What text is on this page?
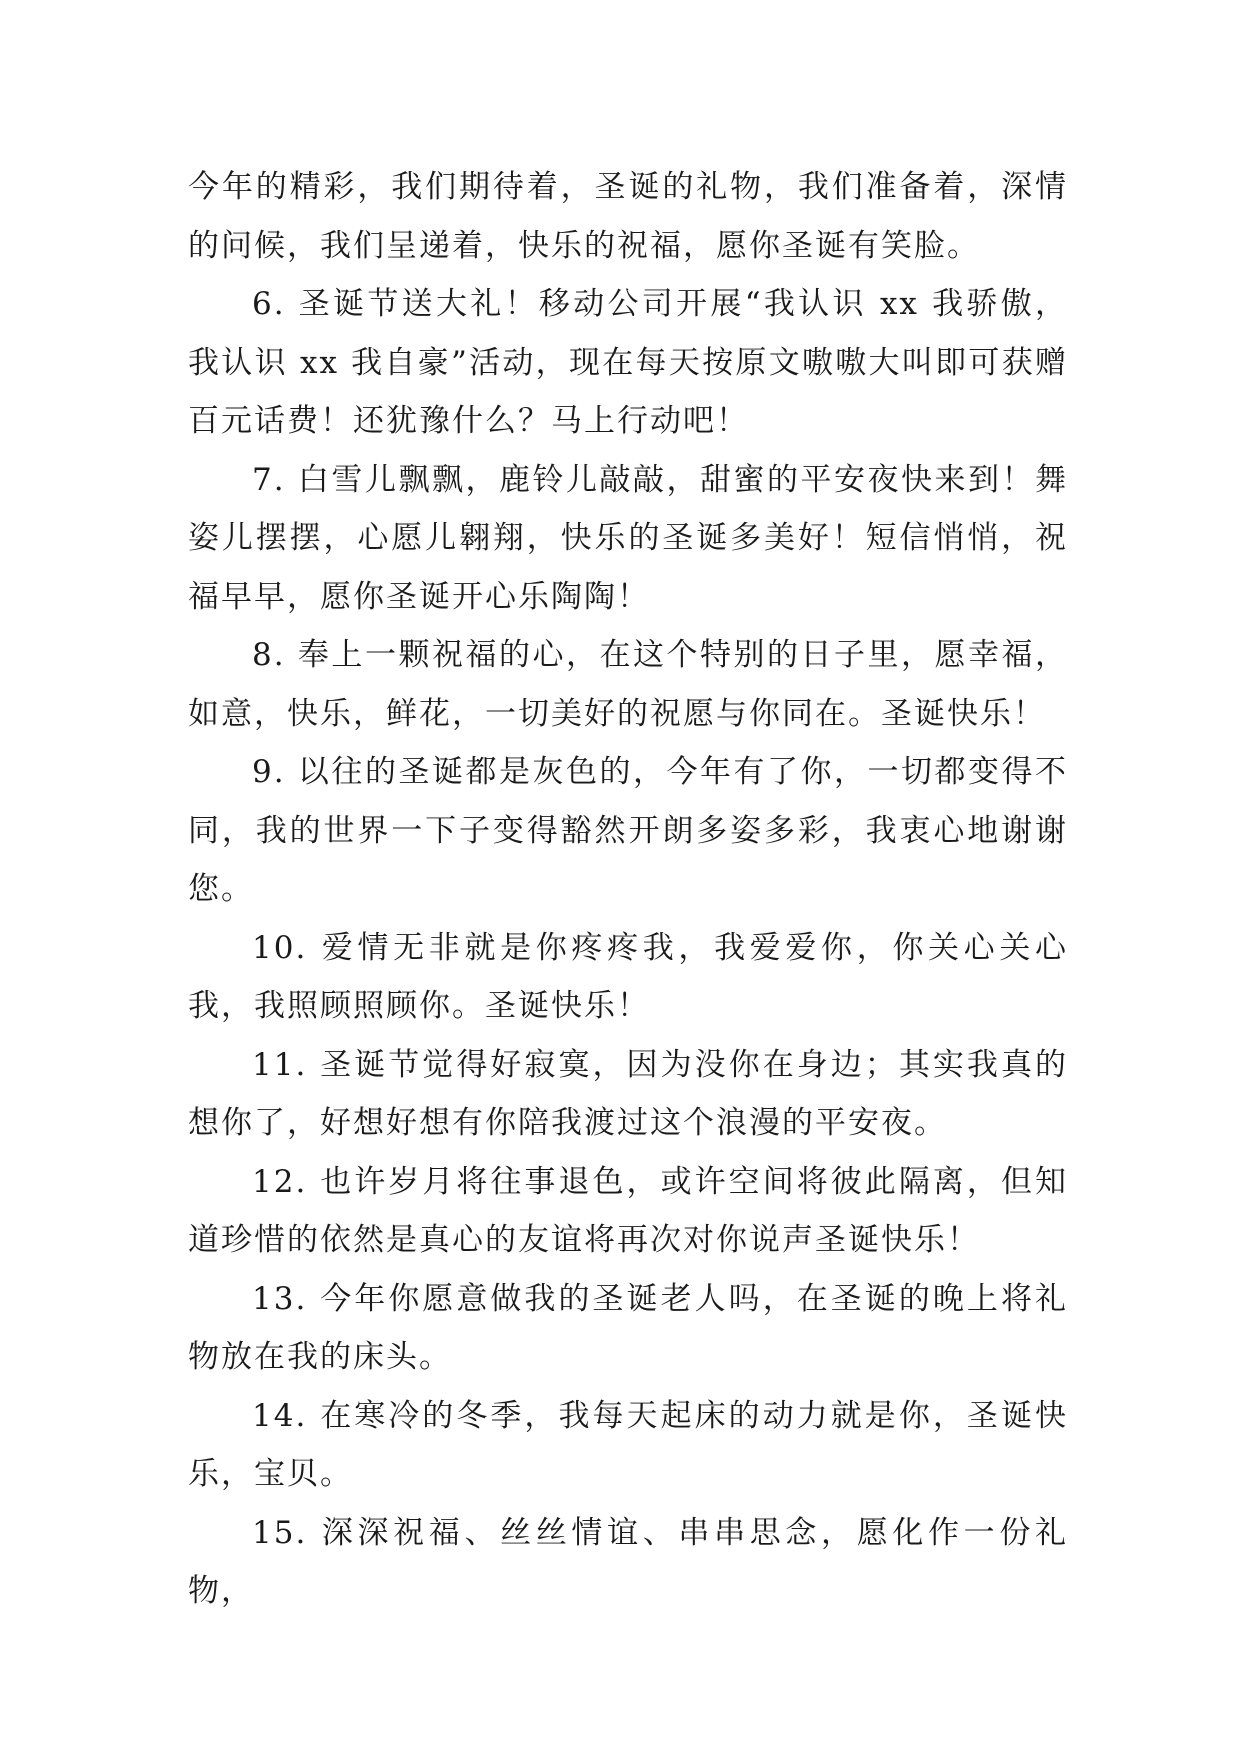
今年的精彩，我们期待着，圣诞的礼物，我们准备着，深情的问候，我们呈递着，快乐的祝福，愿你圣诞有笑脸。

6. 圣诞节送大礼！移动公司开展“我认识 xx 我骄傲，我认识 xx 我自豪”活动，现在每天按原文嗷嗷大叫即可获赠百元话费！还犹豫什么？马上行动吧！

7. 白雪儿飘飘，鹿铃儿敲敲，甜蜜的平安夜快来到！舞姿儿摆摆，心愿儿翱翔，快乐的圣诞多美好！短信悄悄，祝福早早，愿你圣诞开心乐陶陶！

8. 奉上一颗祝福的心，在这个特别的日子里，愿幸福，如意，快乐，鲜花，一切美好的祝愿与你同在。圣诞快乐！

9. 以往的圣诞都是灰色的，今年有了你，一切都变得不同，我的世界一下子变得豁然开朗多姿多彩，我衷心地谢谢您。

10. 爱情无非就是你疼疼我，我爱爱你，你关心关心我，我照顾照顾你。圣诞快乐！

11. 圣诞节觉得好寂寞，因为没你在身边；其实我真的想你了，好想好想有你陪我渡过这个浪漫的平安夜。

12. 也许岁月将往事退色，或许空间将彼此隔离，但知道珍惜的依然是真心的友谊将再次对你说声圣诞快乐！

13. 今年你愿意做我的圣诞老人吗，在圣诞的晚上将礼物放在我的床头。

14. 在寒冷的冬季，我每天起床的动力就是你，圣诞快乐，宝贝。

15. 深深祝福、丝丝情谊、串串思念，愿化作一份礼物，
